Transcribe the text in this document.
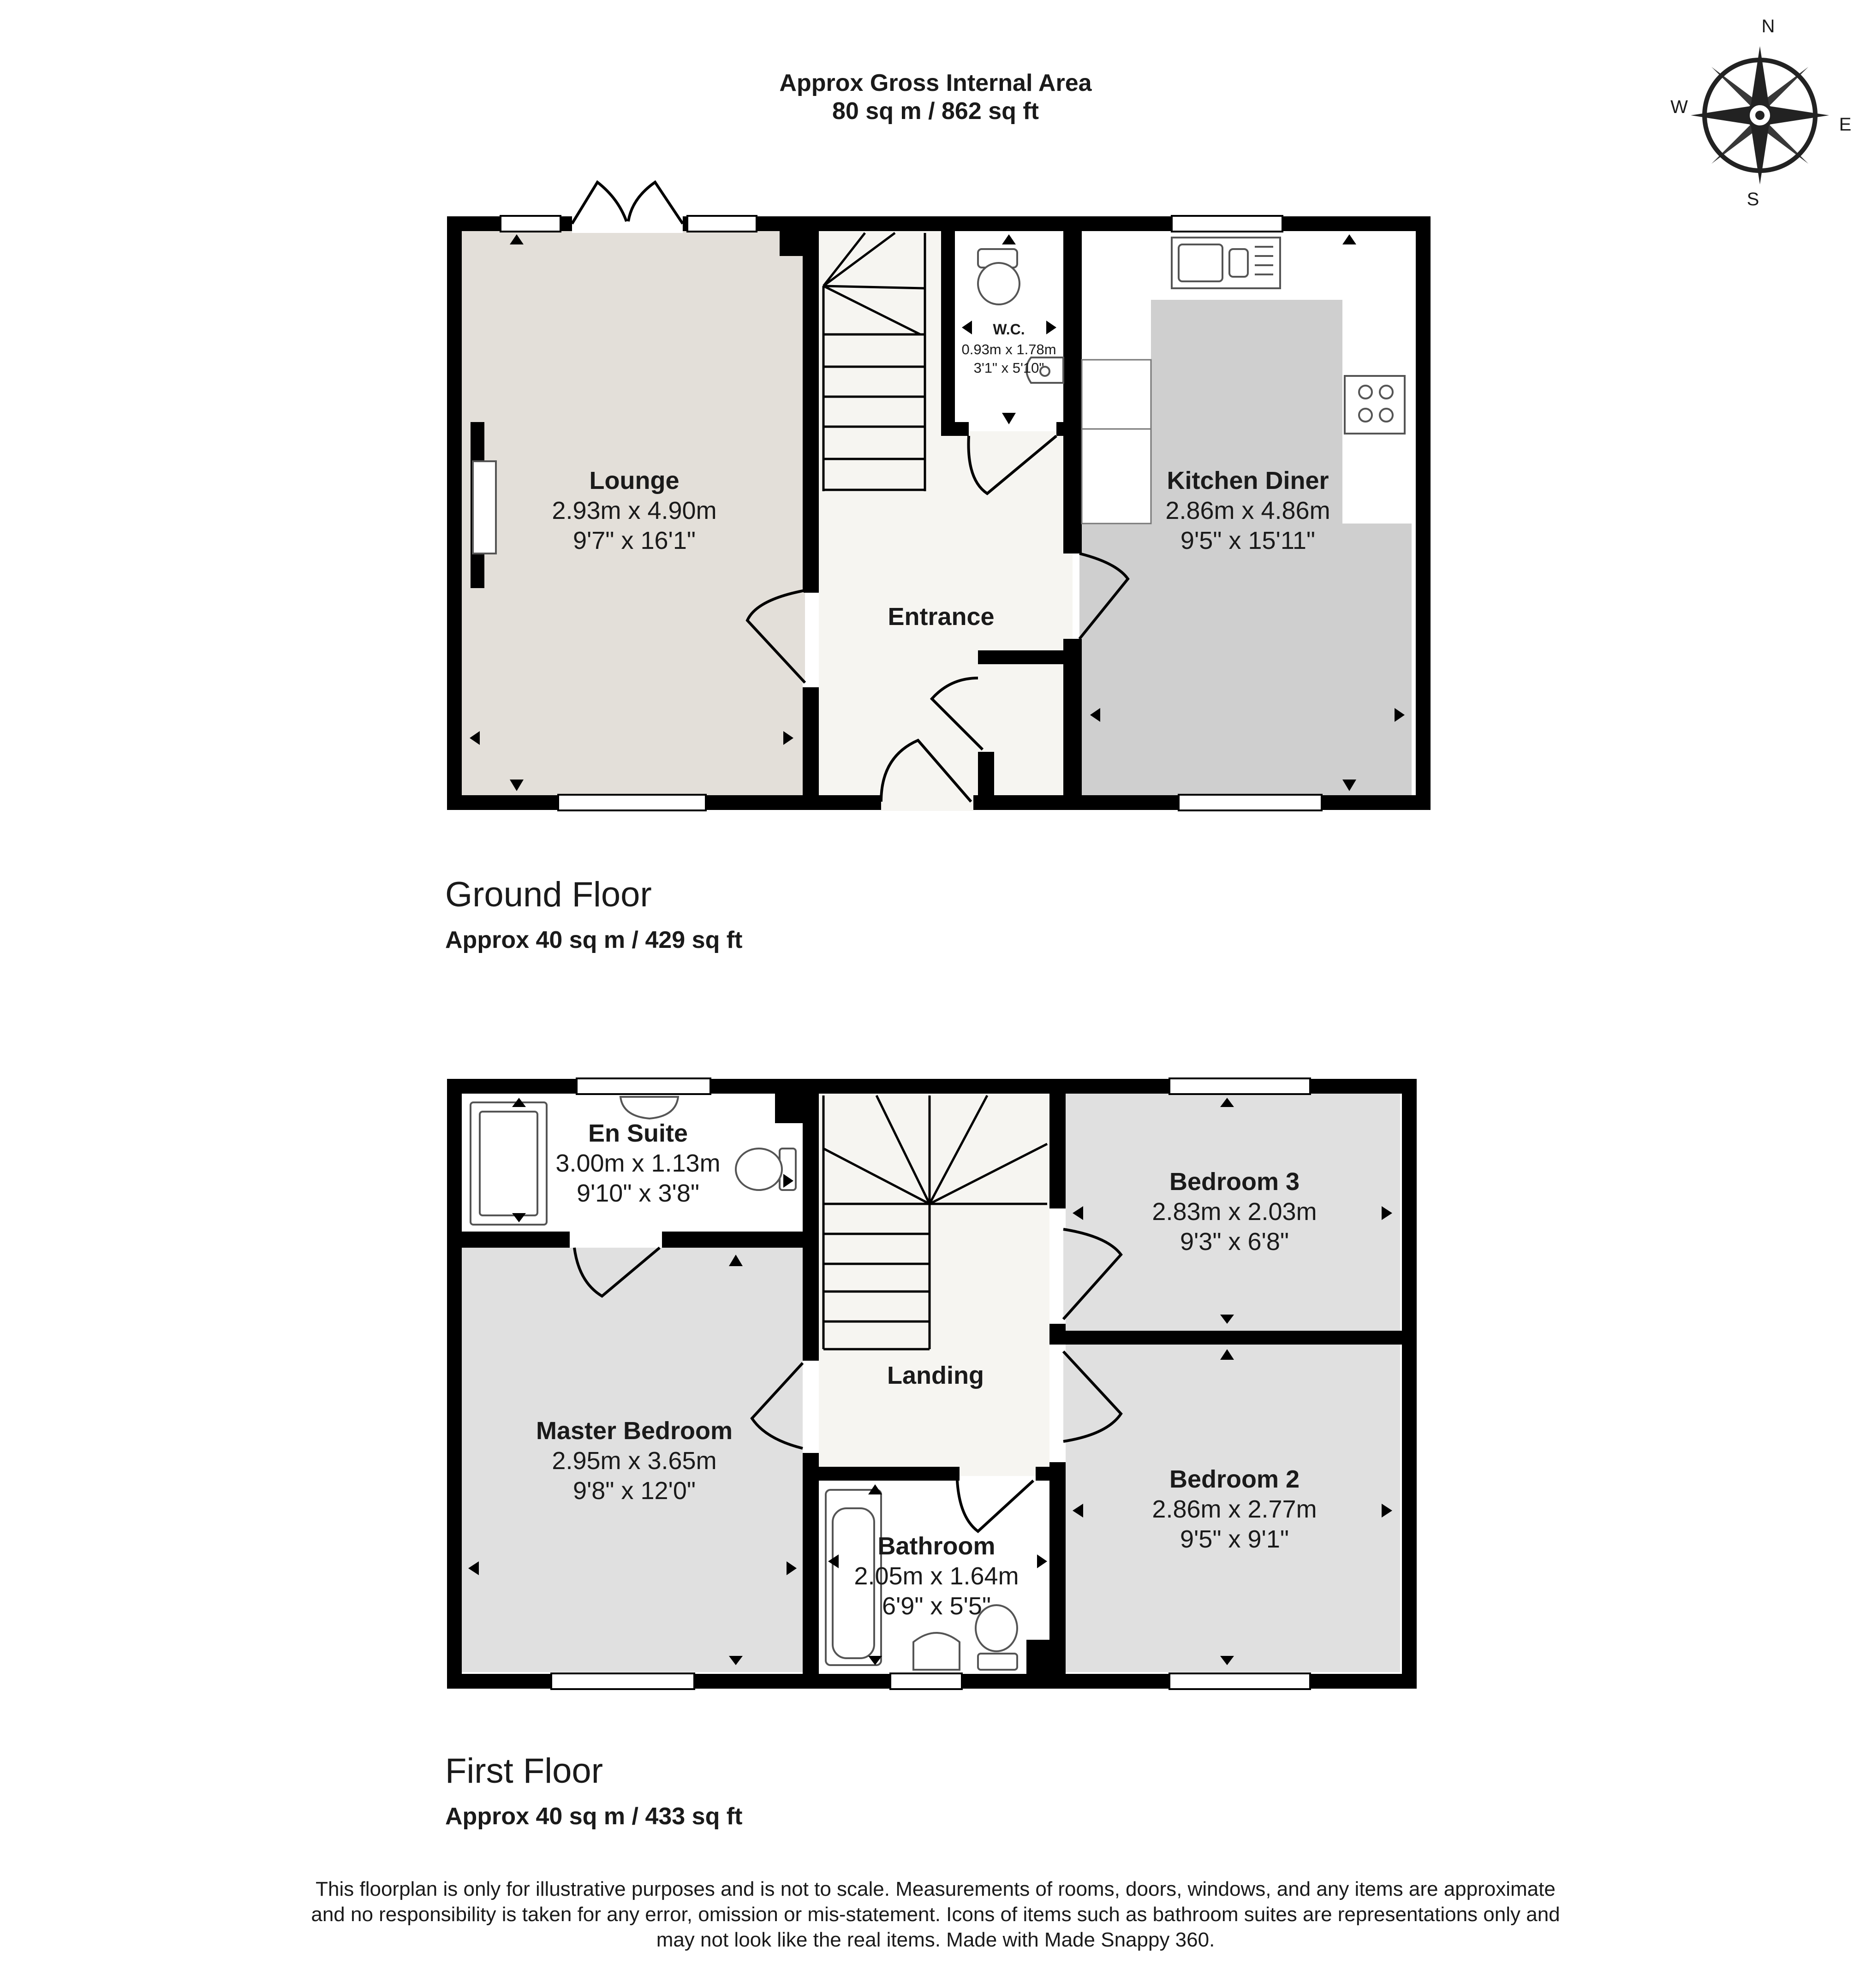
Approx Gross Internal Area
80 sq m / 862 sq ft
N
E
S
W
Lounge
2.93m x 4.90m
9'7" x 16'1"
W.C.
0.93m x 1.78m
3'1" x 5'10"
Kitchen Diner
2.86m x 4.86m
9'5" x 15'11"
Entrance
Ground Floor
Approx 40 sq m / 429 sq ft
En Suite
3.00m x 1.13m
9'10" x 3'8"	Bedroom 3
2.83m x 2.03m
9'3" x 6'8"
Landing
Master Bedroom
2.95m x 3.65m
9'8" x 12'0"	Bedroom 2
2.86m x 2.77m
9'5" x 9'1"
Bathroom
2.05m x 1.64m
6'9" x 5'5"
First Floor
Approx 40 sq m / 433 sq ft
This floorplan is only for illustrative purposes and is not to scale. Measurements of rooms, doors, windows, and any items are approximate
and no responsibility is taken for any error, omission or mis-statement. Icons of items such as bathroom suites are representations only and
may not look like the real items. Made with Made Snappy 360.
